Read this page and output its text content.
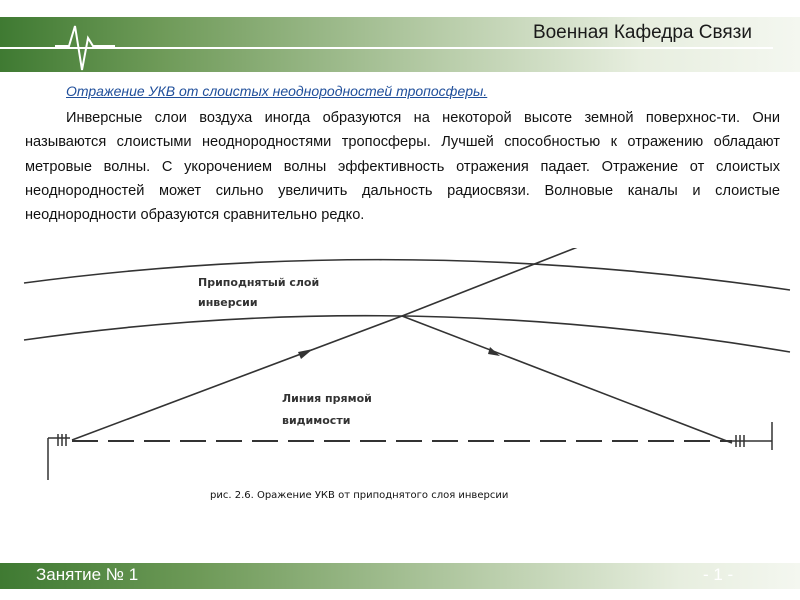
Военная Кафедра Связи
Отражение УКВ от слоистых неоднородностей тропосферы.
Инверсные слои воздуха иногда образуются на некоторой высоте земной поверхнос-ти. Они называются слоистыми неоднородностями тропосферы. Лучшей способностью к отражению обладают метровые волны. С укорочением волны эффективность отражения падает. Отражение от слоистых неоднородностей может сильно увеличить дальность радиосвязи. Волновые каналы и слоистые неоднородности образуются сравнительно редко.
Приподнятый слой
инверсии
Линия прямой
видимости
рис. 2.6. Оражение УКВ от приподнятого слоя инверсии
Занятие № 1	- 1 -
